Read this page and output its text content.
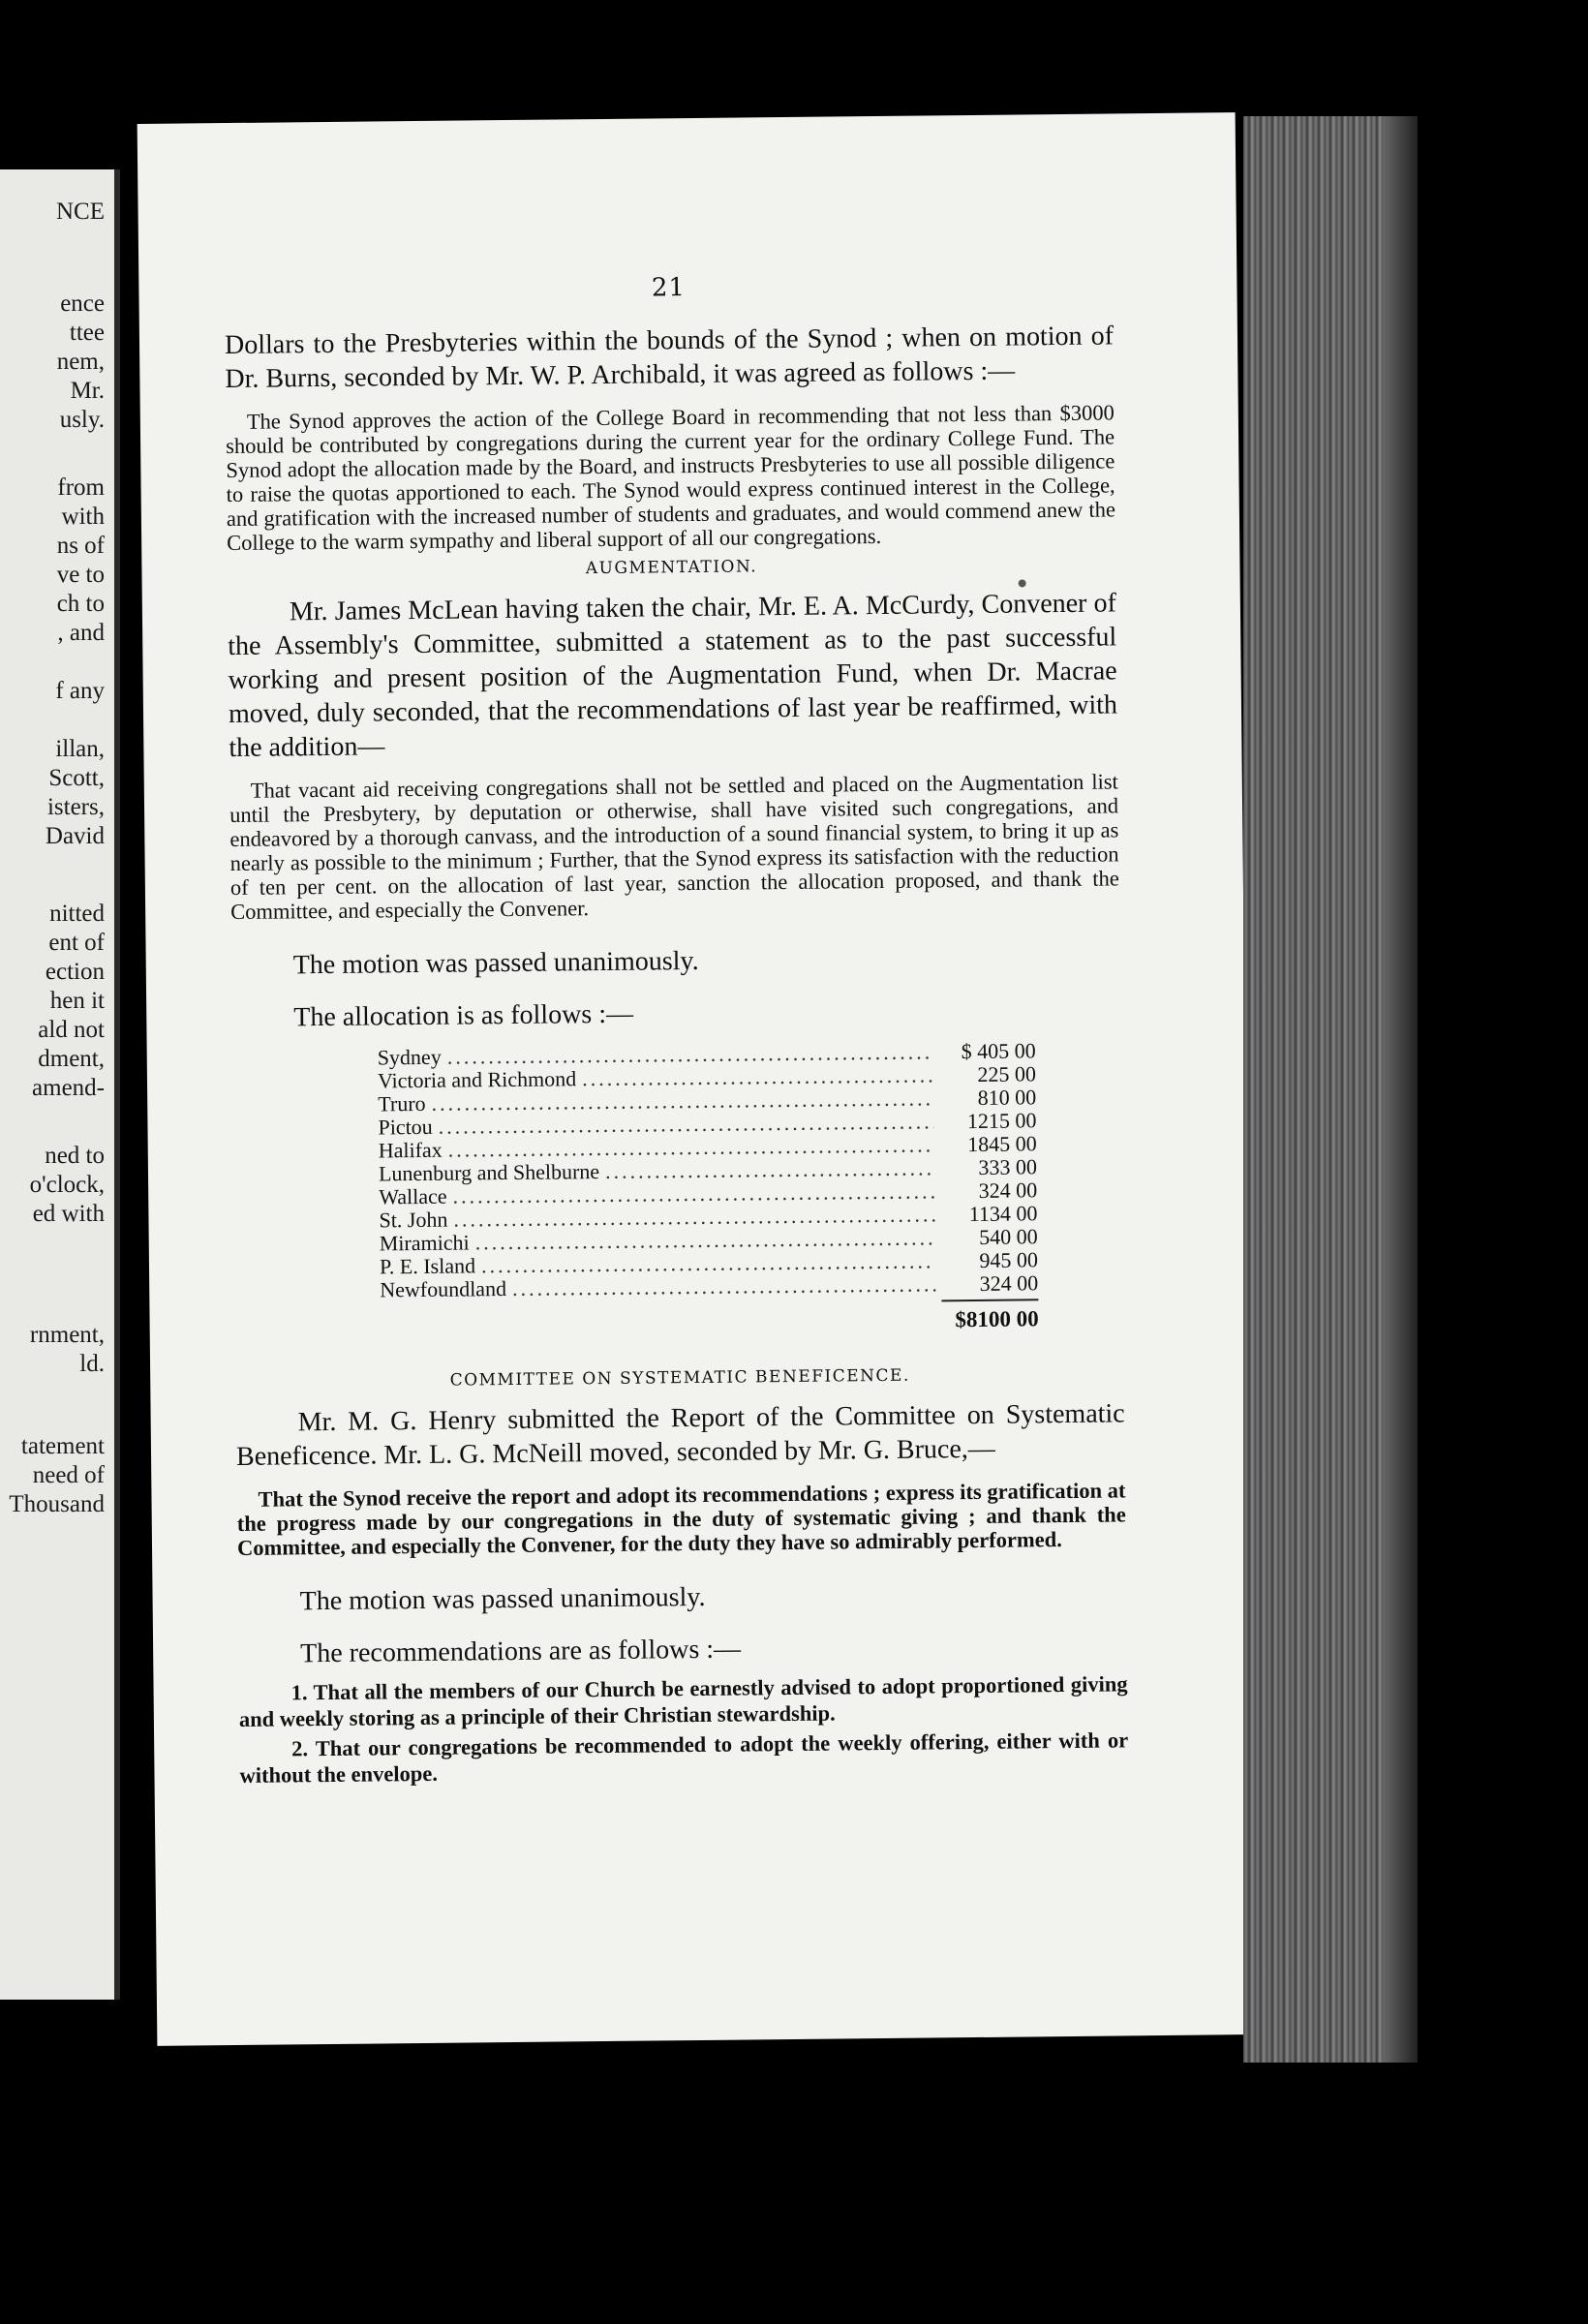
NCE
ence
ttee
nem,
Mr.
usly.
from
with
ns of
ve to
ch to
, and
f any
illan,
Scott,
isters,
David
nitted
ent of
ection
hen it
ald not
dment,
amend-
ned to
o'clock,
ed with
rnment,
ld.
tatement
need of
Thousand
21

Dollars to the Presbyteries within the bounds of the Synod ; when on motion of Dr. Burns, seconded by Mr. W. P. Archibald, it was agreed as follows :—

The Synod approves the action of the College Board in recommending that not less than $3000 should be contributed by congregations during the current year for the ordinary College Fund. The Synod adopt the allocation made by the Board, and instructs Presbyteries to use all possible diligence to raise the quotas apportioned to each. The Synod would express continued interest in the College, and gratification with the increased number of students and graduates, and would commend anew the College to the warm sympathy and liberal support of all our congregations.

AUGMENTATION.

Mr. James McLean having taken the chair, Mr. E. A. McCurdy, Convener of the Assembly's Committee, submitted a statement as to the past successful working and present position of the Augmentation Fund, when Dr. Macrae moved, duly seconded, that the recommendations of last year be reaffirmed, with the addition—

That vacant aid receiving congregations shall not be settled and placed on the Augmentation list until the Presbytery, by deputation or otherwise, shall have visited such congregations, and endeavored by a thorough canvass, and the introduction of a sound financial system, to bring it up as nearly as possible to the minimum ; Further, that the Synod express its satisfaction with the reduction of ten per cent. on the allocation of last year, sanction the allocation proposed, and thank the Committee, and especially the Convener.

The motion was passed unanimously.
The allocation is as follows :—
Sydney .....	$ 405 00
Victoria and Richmond .....	225 00
Truro .....	810 00
Pictou .....	1215 00
Halifax .....	1845 00
Lunenburg and Shelburne .....	333 00
Wallace .....	324 00
St. John .....	1134 00
Miramichi .....	540 00
P. E. Island .....	945 00
Newfoundland .....	324 00
$8100 00
COMMITTEE ON SYSTEMATIC BENEFICENCE.

Mr. M. G. Henry submitted the Report of the Committee on Systematic Beneficence. Mr. L. G. McNeill moved, seconded by Mr. G. Bruce,—

That the Synod receive the report and adopt its recommendations ; express its gratification at the progress made by our congregations in the duty of systematic giving ; and thank the Committee, and especially the Convener, for the duty they have so admirably performed.

The motion was passed unanimously.
The recommendations are as follows :—

1. That all the members of our Church be earnestly advised to adopt proportioned giving and weekly storing as a principle of their Christian stewardship.

2. That our congregations be recommended to adopt the weekly offering, either with or without the envelope.
